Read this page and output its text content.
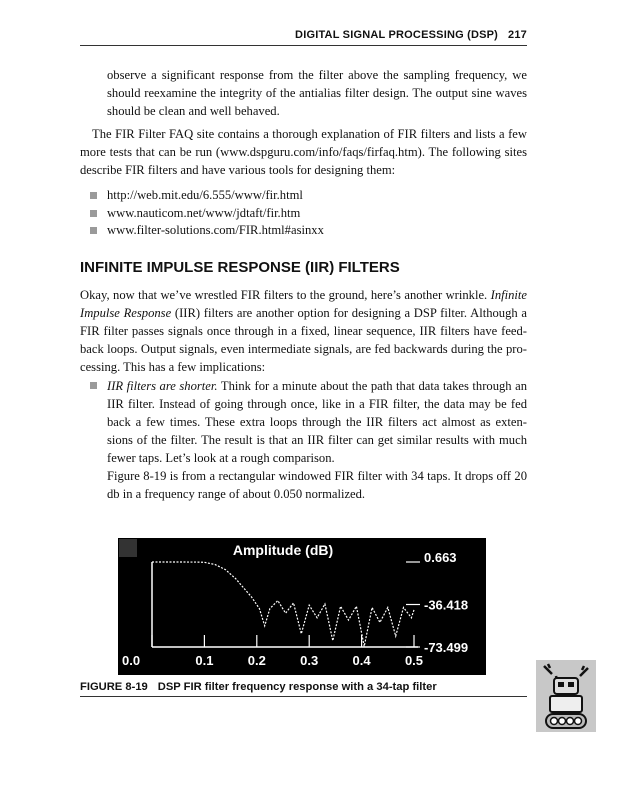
DIGITAL SIGNAL PROCESSING (DSP) 217
observe a significant response from the filter above the sampling frequency, we should reexamine the integrity of the antialias filter design. The output sine waves should be clean and well behaved.
The FIR Filter FAQ site contains a thorough explanation of FIR filters and lists a few more tests that can be run (www.dspguru.com/info/faqs/firfaq.htm). The following sites describe FIR filters and have various tools for designing them:
http://web.mit.edu/6.555/www/fir.html
www.nauticom.net/www/jdtaft/fir.htm
www.filter-solutions.com/FIR.html#asinxx
INFINITE IMPULSE RESPONSE (IIR) FILTERS
Okay, now that we’ve wrestled FIR filters to the ground, here’s another wrinkle. Infinite Impulse Response (IIR) filters are another option for designing a DSP filter. Although a FIR filter passes signals once through in a fixed, linear sequence, IIR filters have feed-back loops. Output signals, even intermediate signals, are fed backwards during the pro-cessing. This has a few implications:
IIR filters are shorter. Think for a minute about the path that data takes through an IIR filter. Instead of going through once, like in a FIR filter, the data may be fed back a few times. These extra loops through the IIR filters act almost as exten-sions of the filter. The result is that an IIR filter can get similar results with much fewer taps. Let’s look at a rough comparison.
Figure 8-19 is from a rectangular windowed FIR filter with 34 taps. It drops off 20 db in a frequency range of about 0.050 normalized.
Amplitude (dB)
0.0	0.1	0.2	0.3	0.4	0.5
0.663
-36.418
-73.499
FIGURE 8-19 DSP FIR filter frequency response with a 34-tap filter
